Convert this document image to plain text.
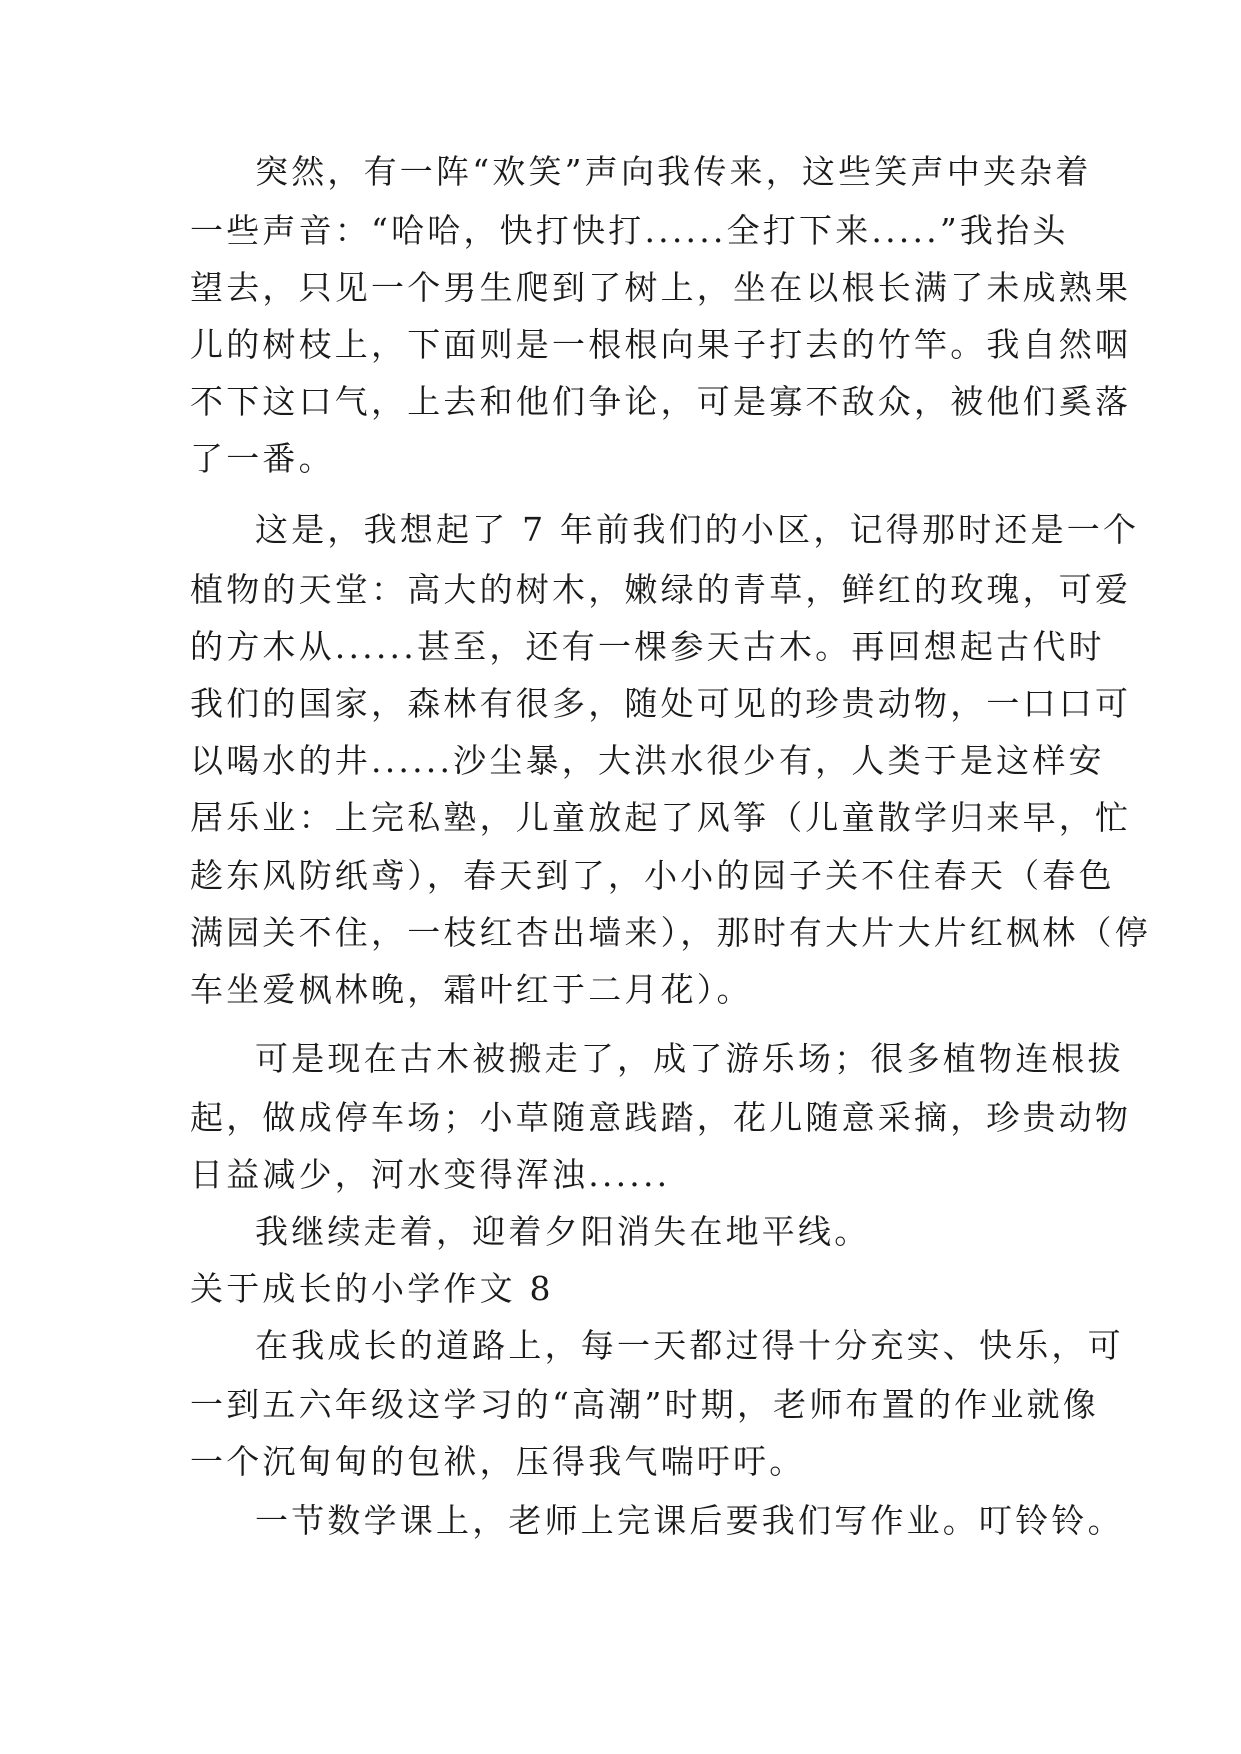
突然，有一阵“欢笑”声向我传来，这些笑声中夹杂着
一些声音：“哈哈，快打快打......全打下来.....”我抬头
望去，只见一个男生爬到了树上，坐在以根长满了未成熟果
儿的树枝上，下面则是一根根向果子打去的竹竿。我自然咽
不下这口气，上去和他们争论，可是寡不敌众，被他们奚落
了一番。
这是，我想起了 7 年前我们的小区，记得那时还是一个
植物的天堂：高大的树木，嫩绿的青草，鲜红的玫瑰，可爱
的方木从......甚至，还有一棵参天古木。再回想起古代时
我们的国家，森林有很多，随处可见的珍贵动物，一口口可
以喝水的井......沙尘暴，大洪水很少有，人类于是这样安
居乐业：上完私塾，儿童放起了风筝（儿童散学归来早，忙
趁东风防纸鸢），春天到了，小小的园子关不住春天（春色
满园关不住，一枝红杏出墙来），那时有大片大片红枫林（停
车坐爱枫林晚，霜叶红于二月花）。
可是现在古木被搬走了，成了游乐场；很多植物连根拔
起，做成停车场；小草随意践踏，花儿随意采摘，珍贵动物
日益减少，河水变得浑浊......
我继续走着，迎着夕阳消失在地平线。
关于成长的小学作文 8
在我成长的道路上，每一天都过得十分充实、快乐，可
一到五六年级这学习的“高潮”时期，老师布置的作业就像
一个沉甸甸的包袱，压得我气喘吁吁。
一节数学课上，老师上完课后要我们写作业。叮铃铃。
